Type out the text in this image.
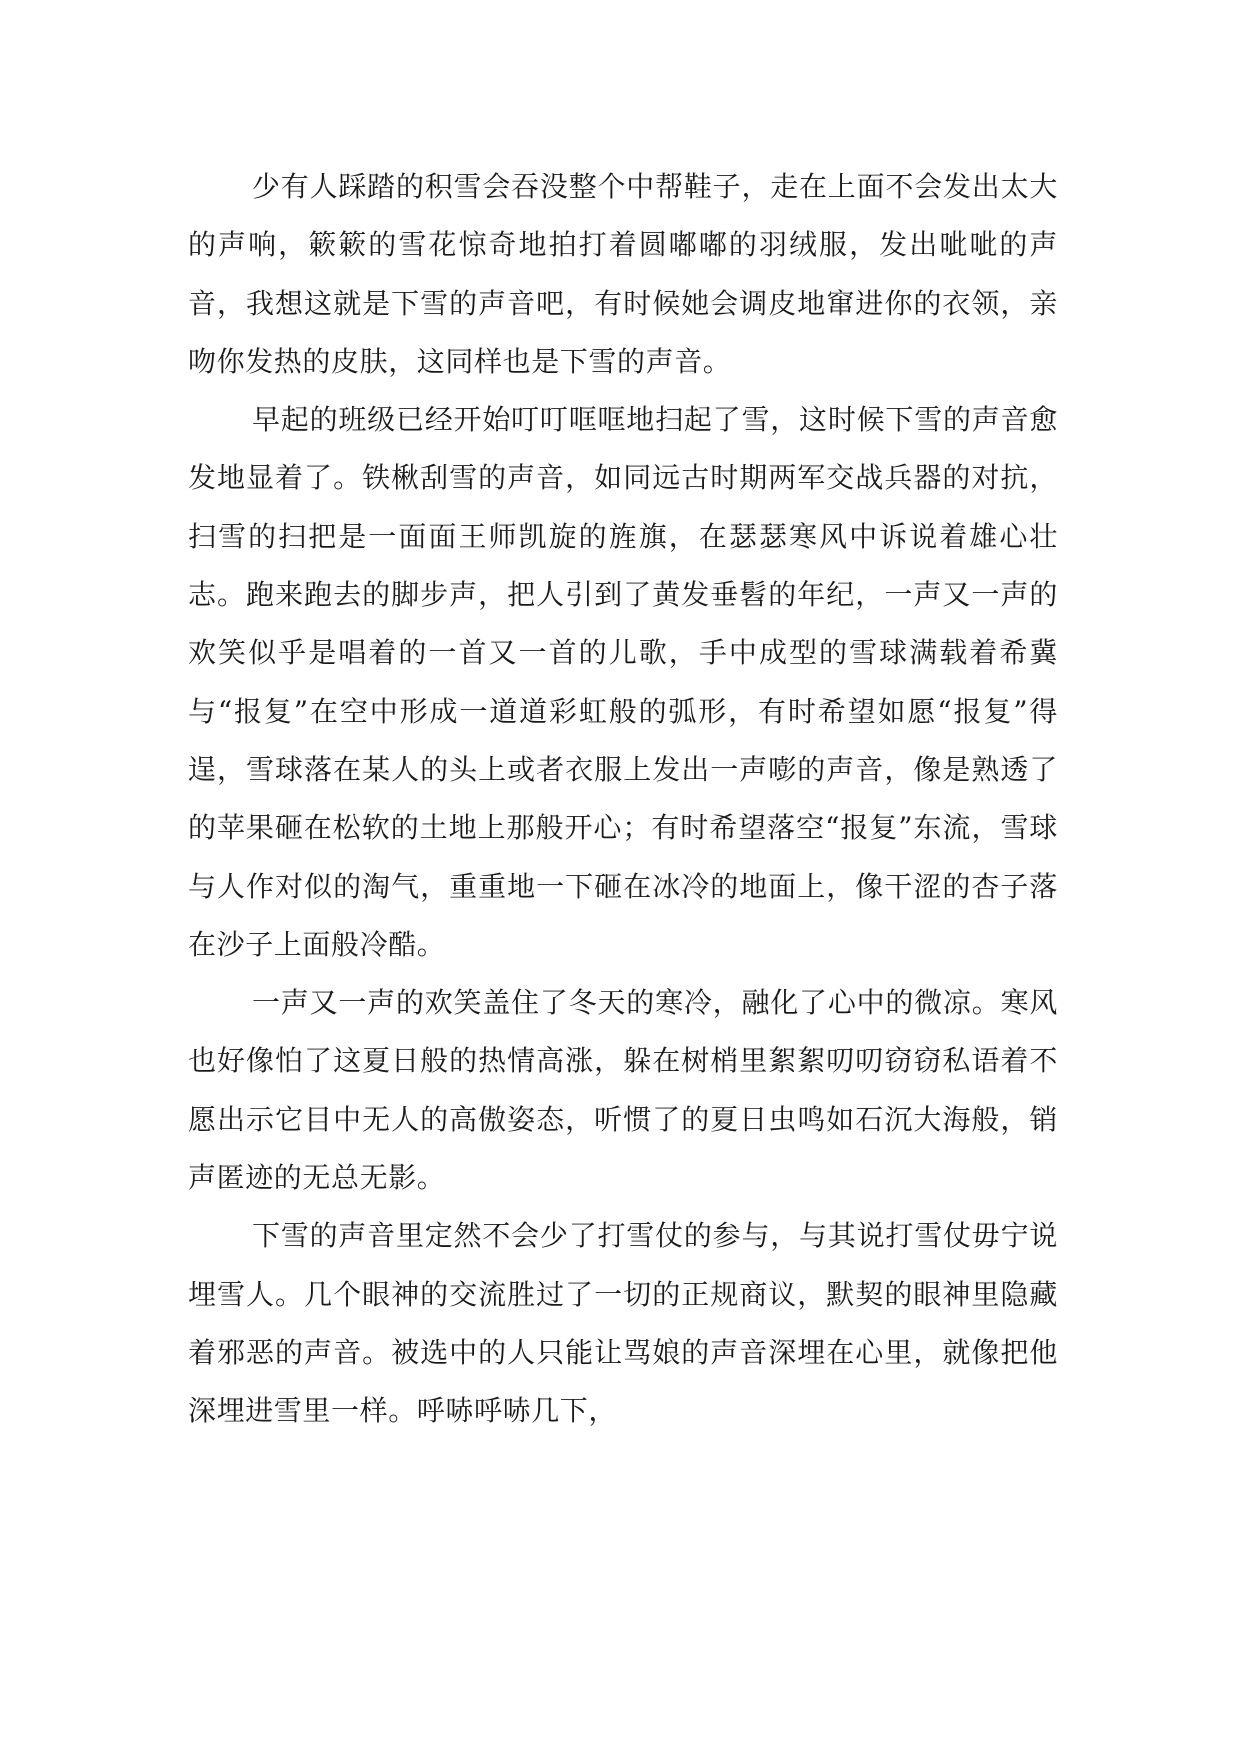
少有人踩踏的积雪会吞没整个中帮鞋子，走在上面不会发出太大的声响，簌簌的雪花惊奇地拍打着圆嘟嘟的羽绒服，发出呲呲的声音，我想这就是下雪的声音吧，有时候她会调皮地窜进你的衣领，亲吻你发热的皮肤，这同样也是下雪的声音。

早起的班级已经开始叮叮哐哐地扫起了雪，这时候下雪的声音愈发地显着了。铁楸刮雪的声音，如同远古时期两军交战兵器的对抗，扫雪的扫把是一面面王师凯旋的旌旗，在瑟瑟寒风中诉说着雄心壮志。跑来跑去的脚步声，把人引到了黄发垂髫的年纪，一声又一声的欢笑似乎是唱着的一首又一首的儿歌，手中成型的雪球满载着希冀与“报复”在空中形成一道道彩虹般的弧形，有时希望如愿“报复”得逞，雪球落在某人的头上或者衣服上发出一声嘭的声音，像是熟透了的苹果砸在松软的土地上那般开心；有时希望落空“报复”东流，雪球与人作对似的淘气，重重地一下砸在冰冷的地面上，像干涩的杏子落在沙子上面般冷酷。

一声又一声的欢笑盖住了冬天的寒冷，融化了心中的微凉。寒风也好像怕了这夏日般的热情高涨，躲在树梢里絮絮叨叨窃窃私语着不愿出示它目中无人的高傲姿态，听惯了的夏日虫鸣如石沉大海般，销声匿迹的无总无影。

下雪的声音里定然不会少了打雪仗的参与，与其说打雪仗毋宁说埋雪人。几个眼神的交流胜过了一切的正规商议，默契的眼神里隐藏着邪恶的声音。被选中的人只能让骂娘的声音深埋在心里，就像把他深埋进雪里一样。呼哧呼哧几下，
